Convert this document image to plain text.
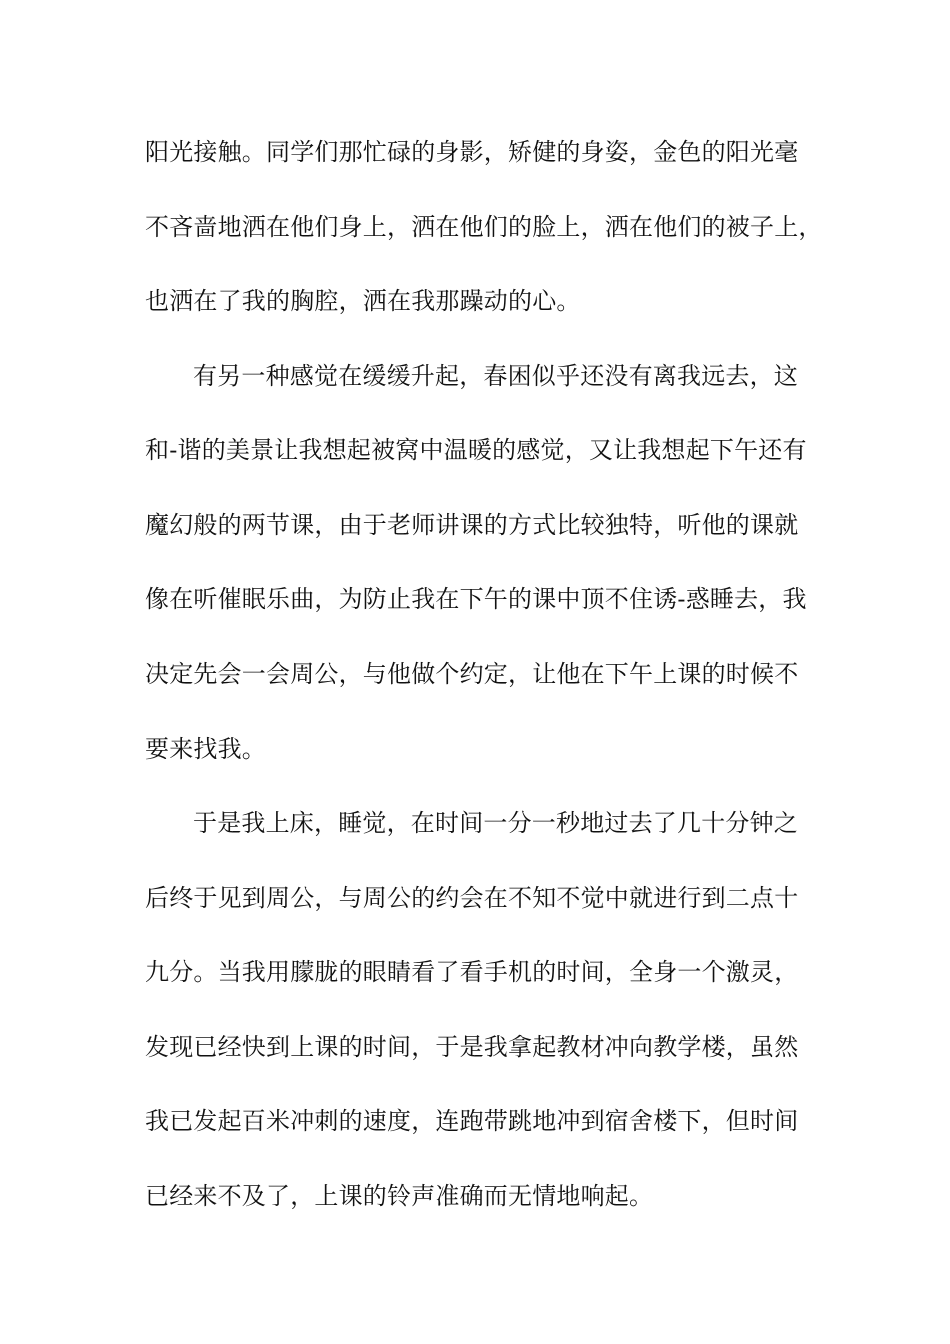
阳光接触。同学们那忙碌的身影，矫健的身姿，金色的阳光毫
不吝啬地洒在他们身上，洒在他们的脸上，洒在他们的被子上，
也洒在了我的胸腔，洒在我那躁动的心。
有另一种感觉在缓缓升起，春困似乎还没有离我远去，这
和-谐的美景让我想起被窝中温暖的感觉，又让我想起下午还有
魔幻般的两节课，由于老师讲课的方式比较独特，听他的课就
像在听催眠乐曲，为防止我在下午的课中顶不住诱-惑睡去，我
决定先会一会周公，与他做个约定，让他在下午上课的时候不
要来找我。
于是我上床，睡觉，在时间一分一秒地过去了几十分钟之
后终于见到周公，与周公的约会在不知不觉中就进行到二点十
九分。当我用朦胧的眼睛看了看手机的时间，全身一个激灵，
发现已经快到上课的时间，于是我拿起教材冲向教学楼，虽然
我已发起百米冲刺的速度，连跑带跳地冲到宿舍楼下，但时间
已经来不及了，上课的铃声准确而无情地响起。
